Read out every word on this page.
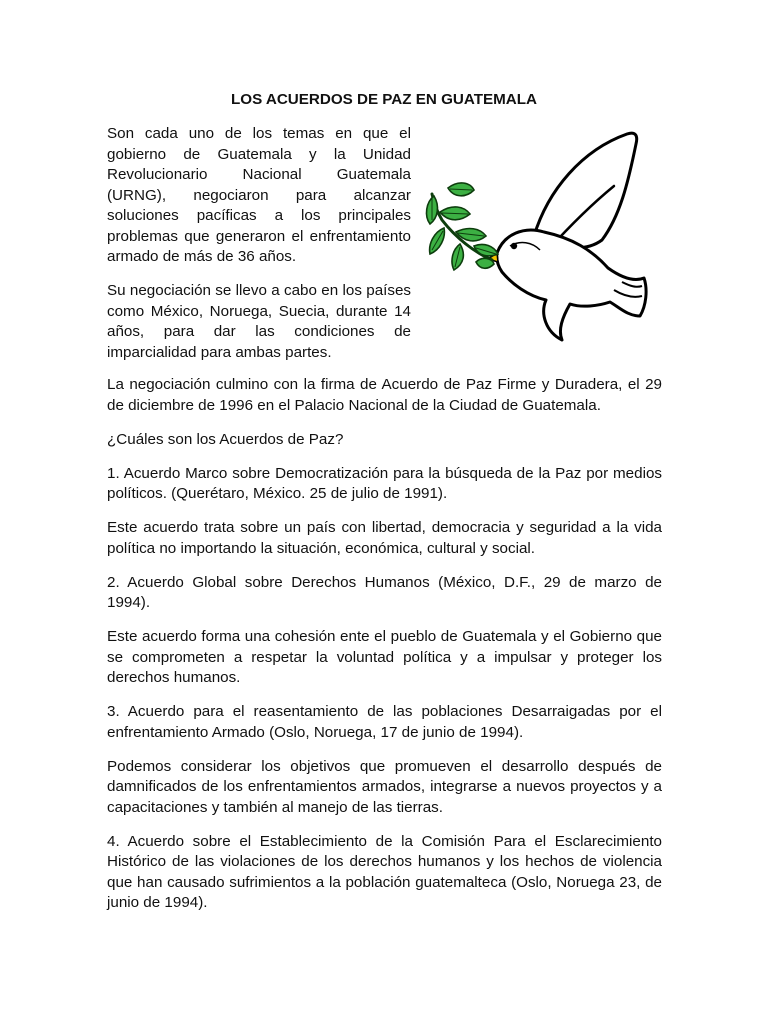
LOS ACUERDOS DE PAZ EN GUATEMALA

Son cada uno de los temas en que el gobierno de Guatemala y la Unidad Revolucionario Nacional Guatemala (URNG), negociaron para alcanzar soluciones pacíficas a los principales problemas que generaron el enfrentamiento armado de más de 36 años.

Su negociación se llevo a cabo en los países como México, Noruega, Suecia, durante 14 años, para dar las condiciones de imparcialidad para ambas partes.

La negociación culmino con la firma de Acuerdo de Paz Firme y Duradera, el 29 de diciembre de 1996 en el Palacio Nacional de la Ciudad de Guatemala.

¿Cuáles son los Acuerdos de Paz?

1. Acuerdo Marco sobre Democratización para la búsqueda de la Paz por medios políticos. (Querétaro, México. 25 de julio de 1991).

Este acuerdo trata sobre un país con libertad, democracia y seguridad a la vida política no importando la situación, económica, cultural y social.

2. Acuerdo Global sobre Derechos Humanos (México, D.F., 29 de marzo de 1994).

Este acuerdo forma una cohesión ente el pueblo de Guatemala y el Gobierno que se comprometen a respetar la voluntad política y a impulsar y proteger los derechos humanos.

3. Acuerdo para el reasentamiento de las poblaciones Desarraigadas por el enfrentamiento Armado (Oslo, Noruega, 17 de junio de 1994).

Podemos considerar los objetivos que promueven el desarrollo después de damnificados de los enfrentamientos armados, integrarse a nuevos proyectos y a capacitaciones y también al manejo de las tierras.

4. Acuerdo sobre el Establecimiento de la Comisión Para el Esclarecimiento Histórico de las violaciones de los derechos humanos y los hechos de violencia que han causado sufrimientos a la población guatemalteca (Oslo, Noruega 23, de junio de 1994).
